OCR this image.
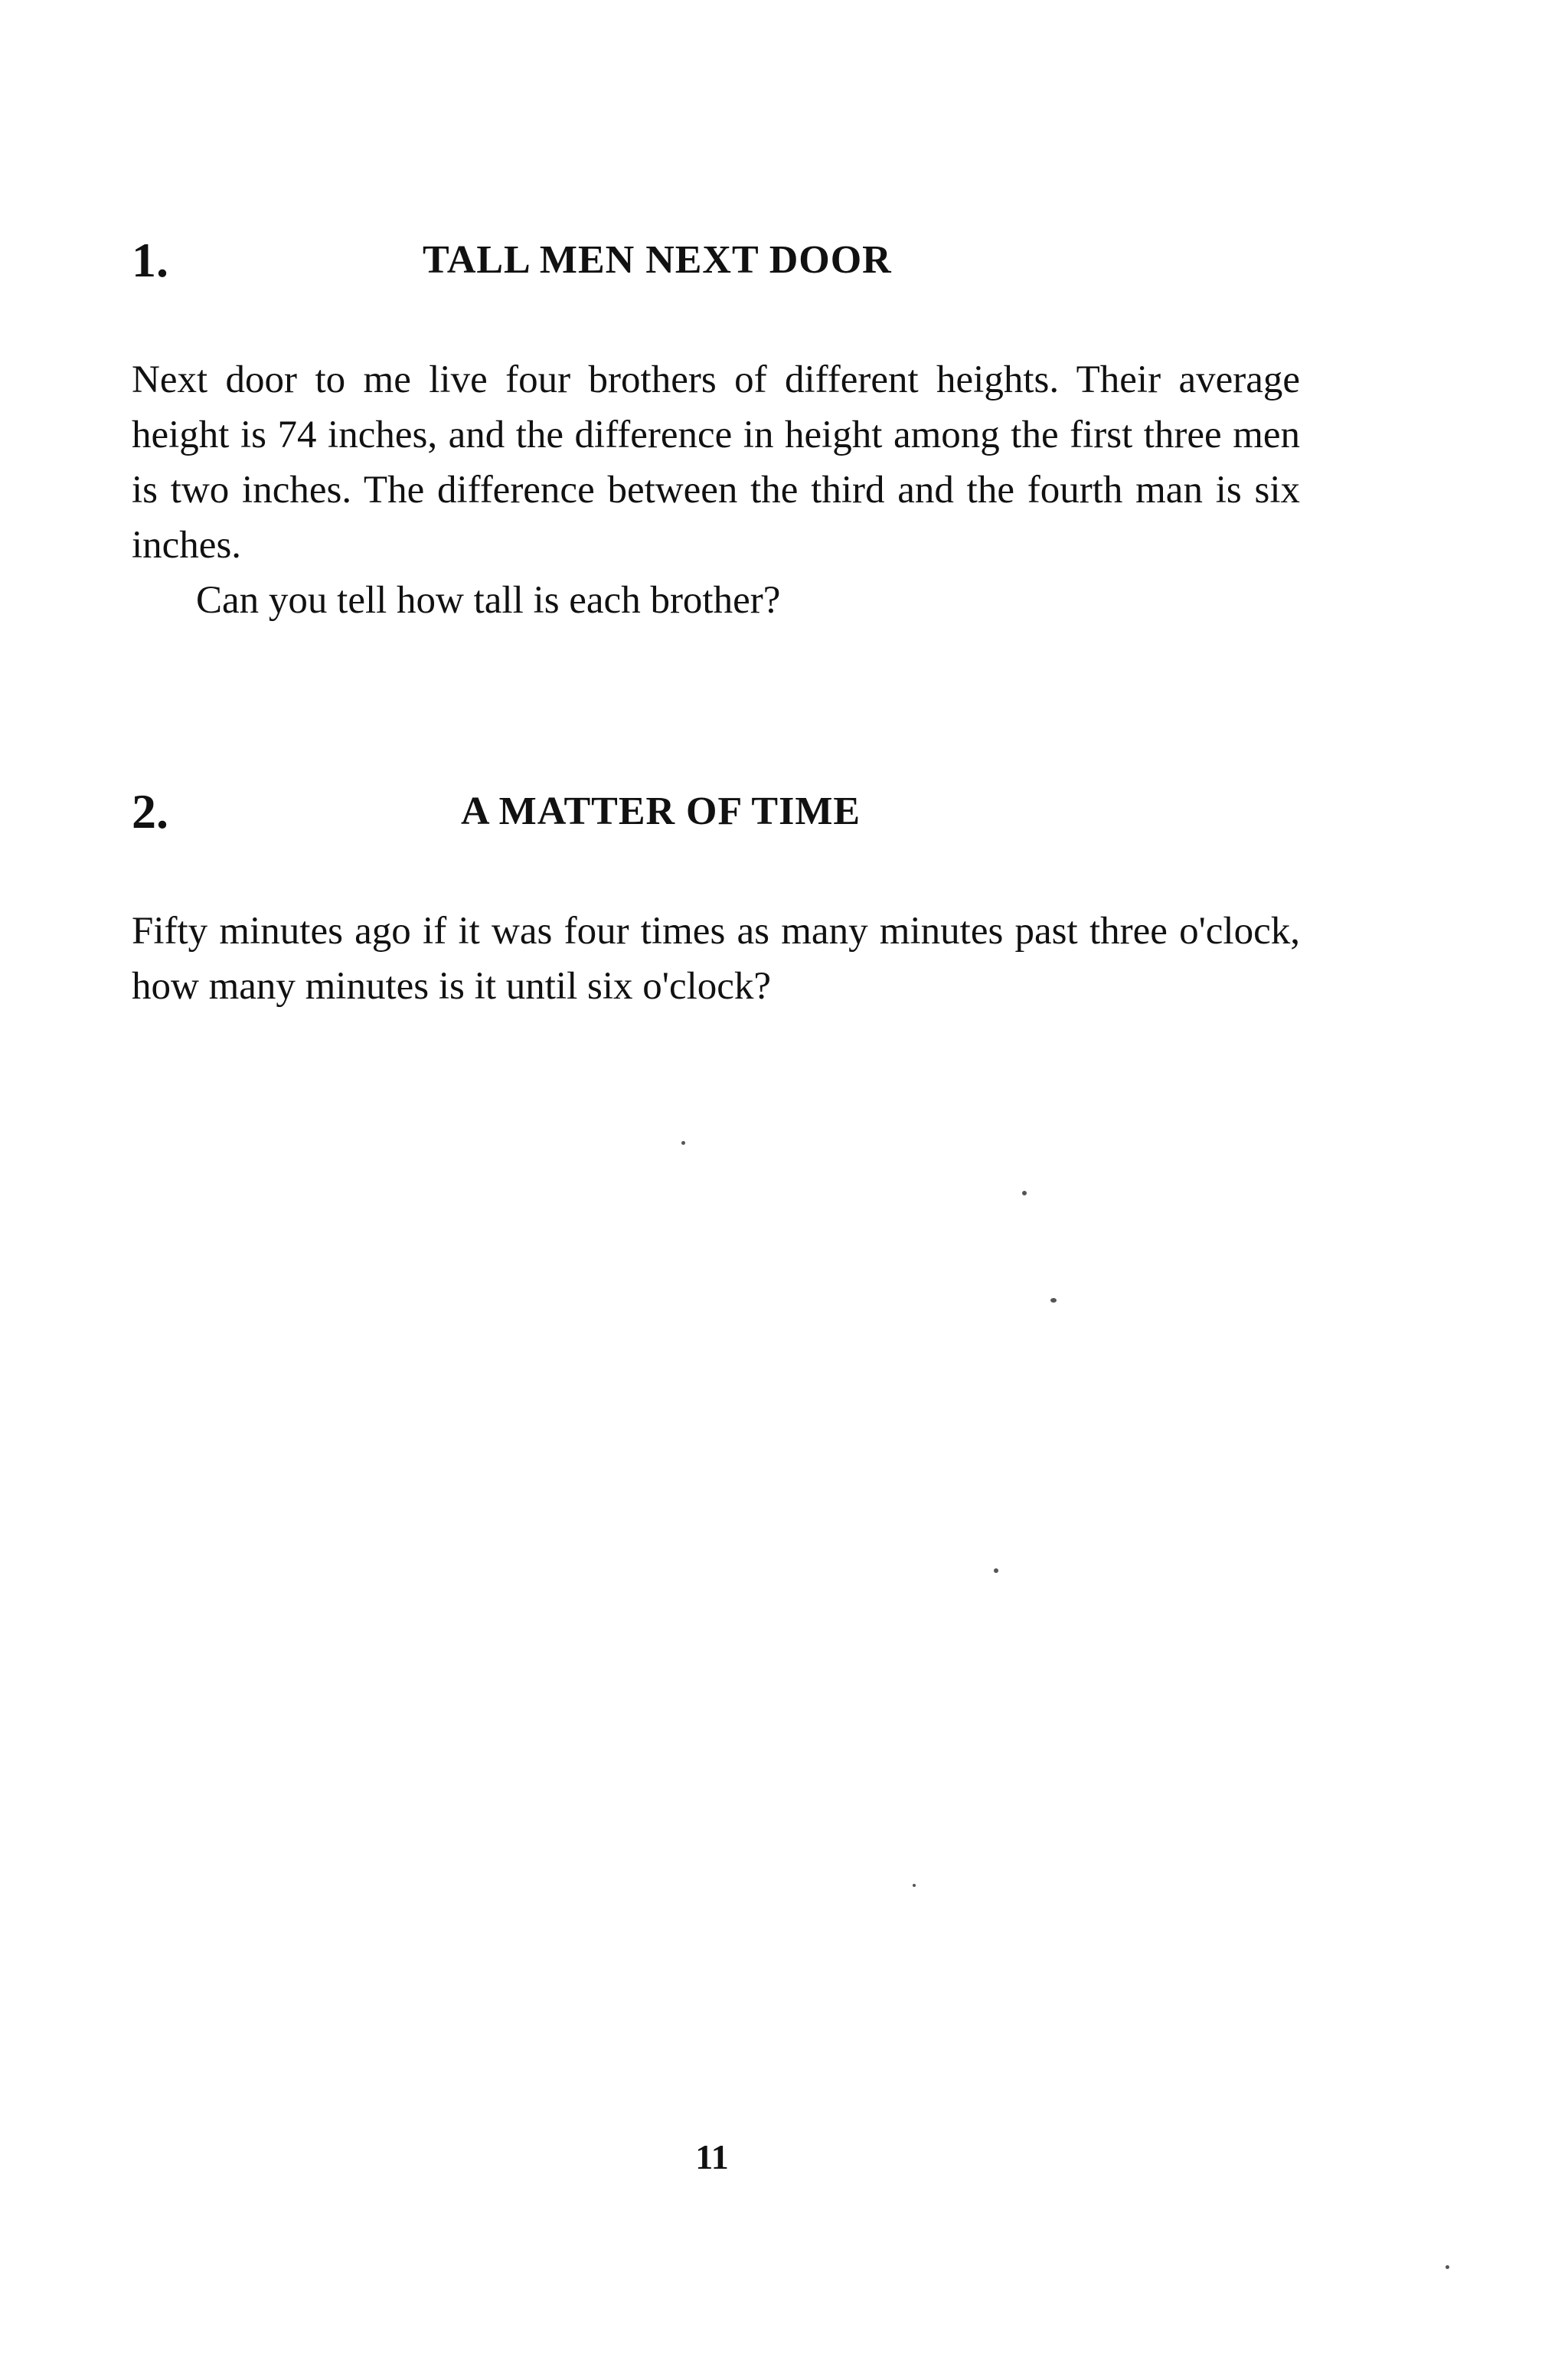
1.	TALL MEN NEXT DOOR

Next door to me live four brothers of different heights. Their average height is 74 inches, and the difference in height among the first three men is two inches. The difference between the third and the fourth man is six inches.

Can you tell how tall is each brother?

2.	A MATTER OF TIME

Fifty minutes ago if it was four times as many minutes past three o'clock, how many minutes is it until six o'clock?

11
